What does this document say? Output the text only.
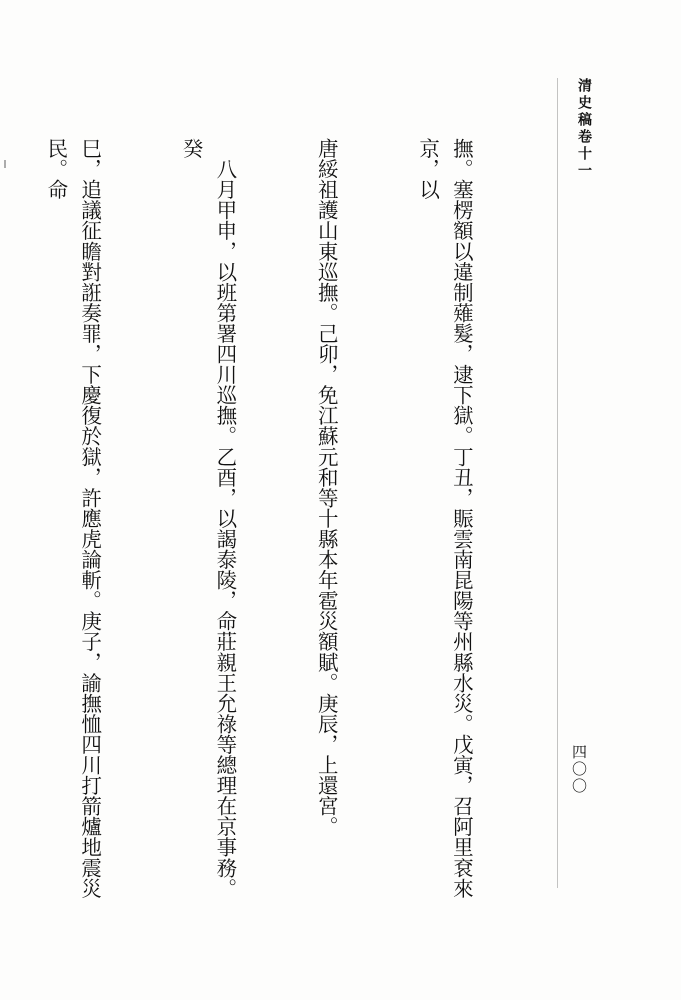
清史稿卷十一
四〇〇

撫。塞楞額以違制薙髮，逮下獄。丁丑，賑雲南昆陽等州縣水災。戊寅，召阿里袞來京，以

唐綏祖護山東巡撫。己卯，免江蘇元和等十縣本年雹災額賦。庚辰，上還宮。

　八月甲申，以班第署四川巡撫。乙酉，以謁泰陵，命莊親王允祿等總理在京事務。癸

巳，追議征瞻對誑奏罪，下慶復於獄，許應虎論斬。庚子，諭撫恤四川打箭爐地震災民。命
